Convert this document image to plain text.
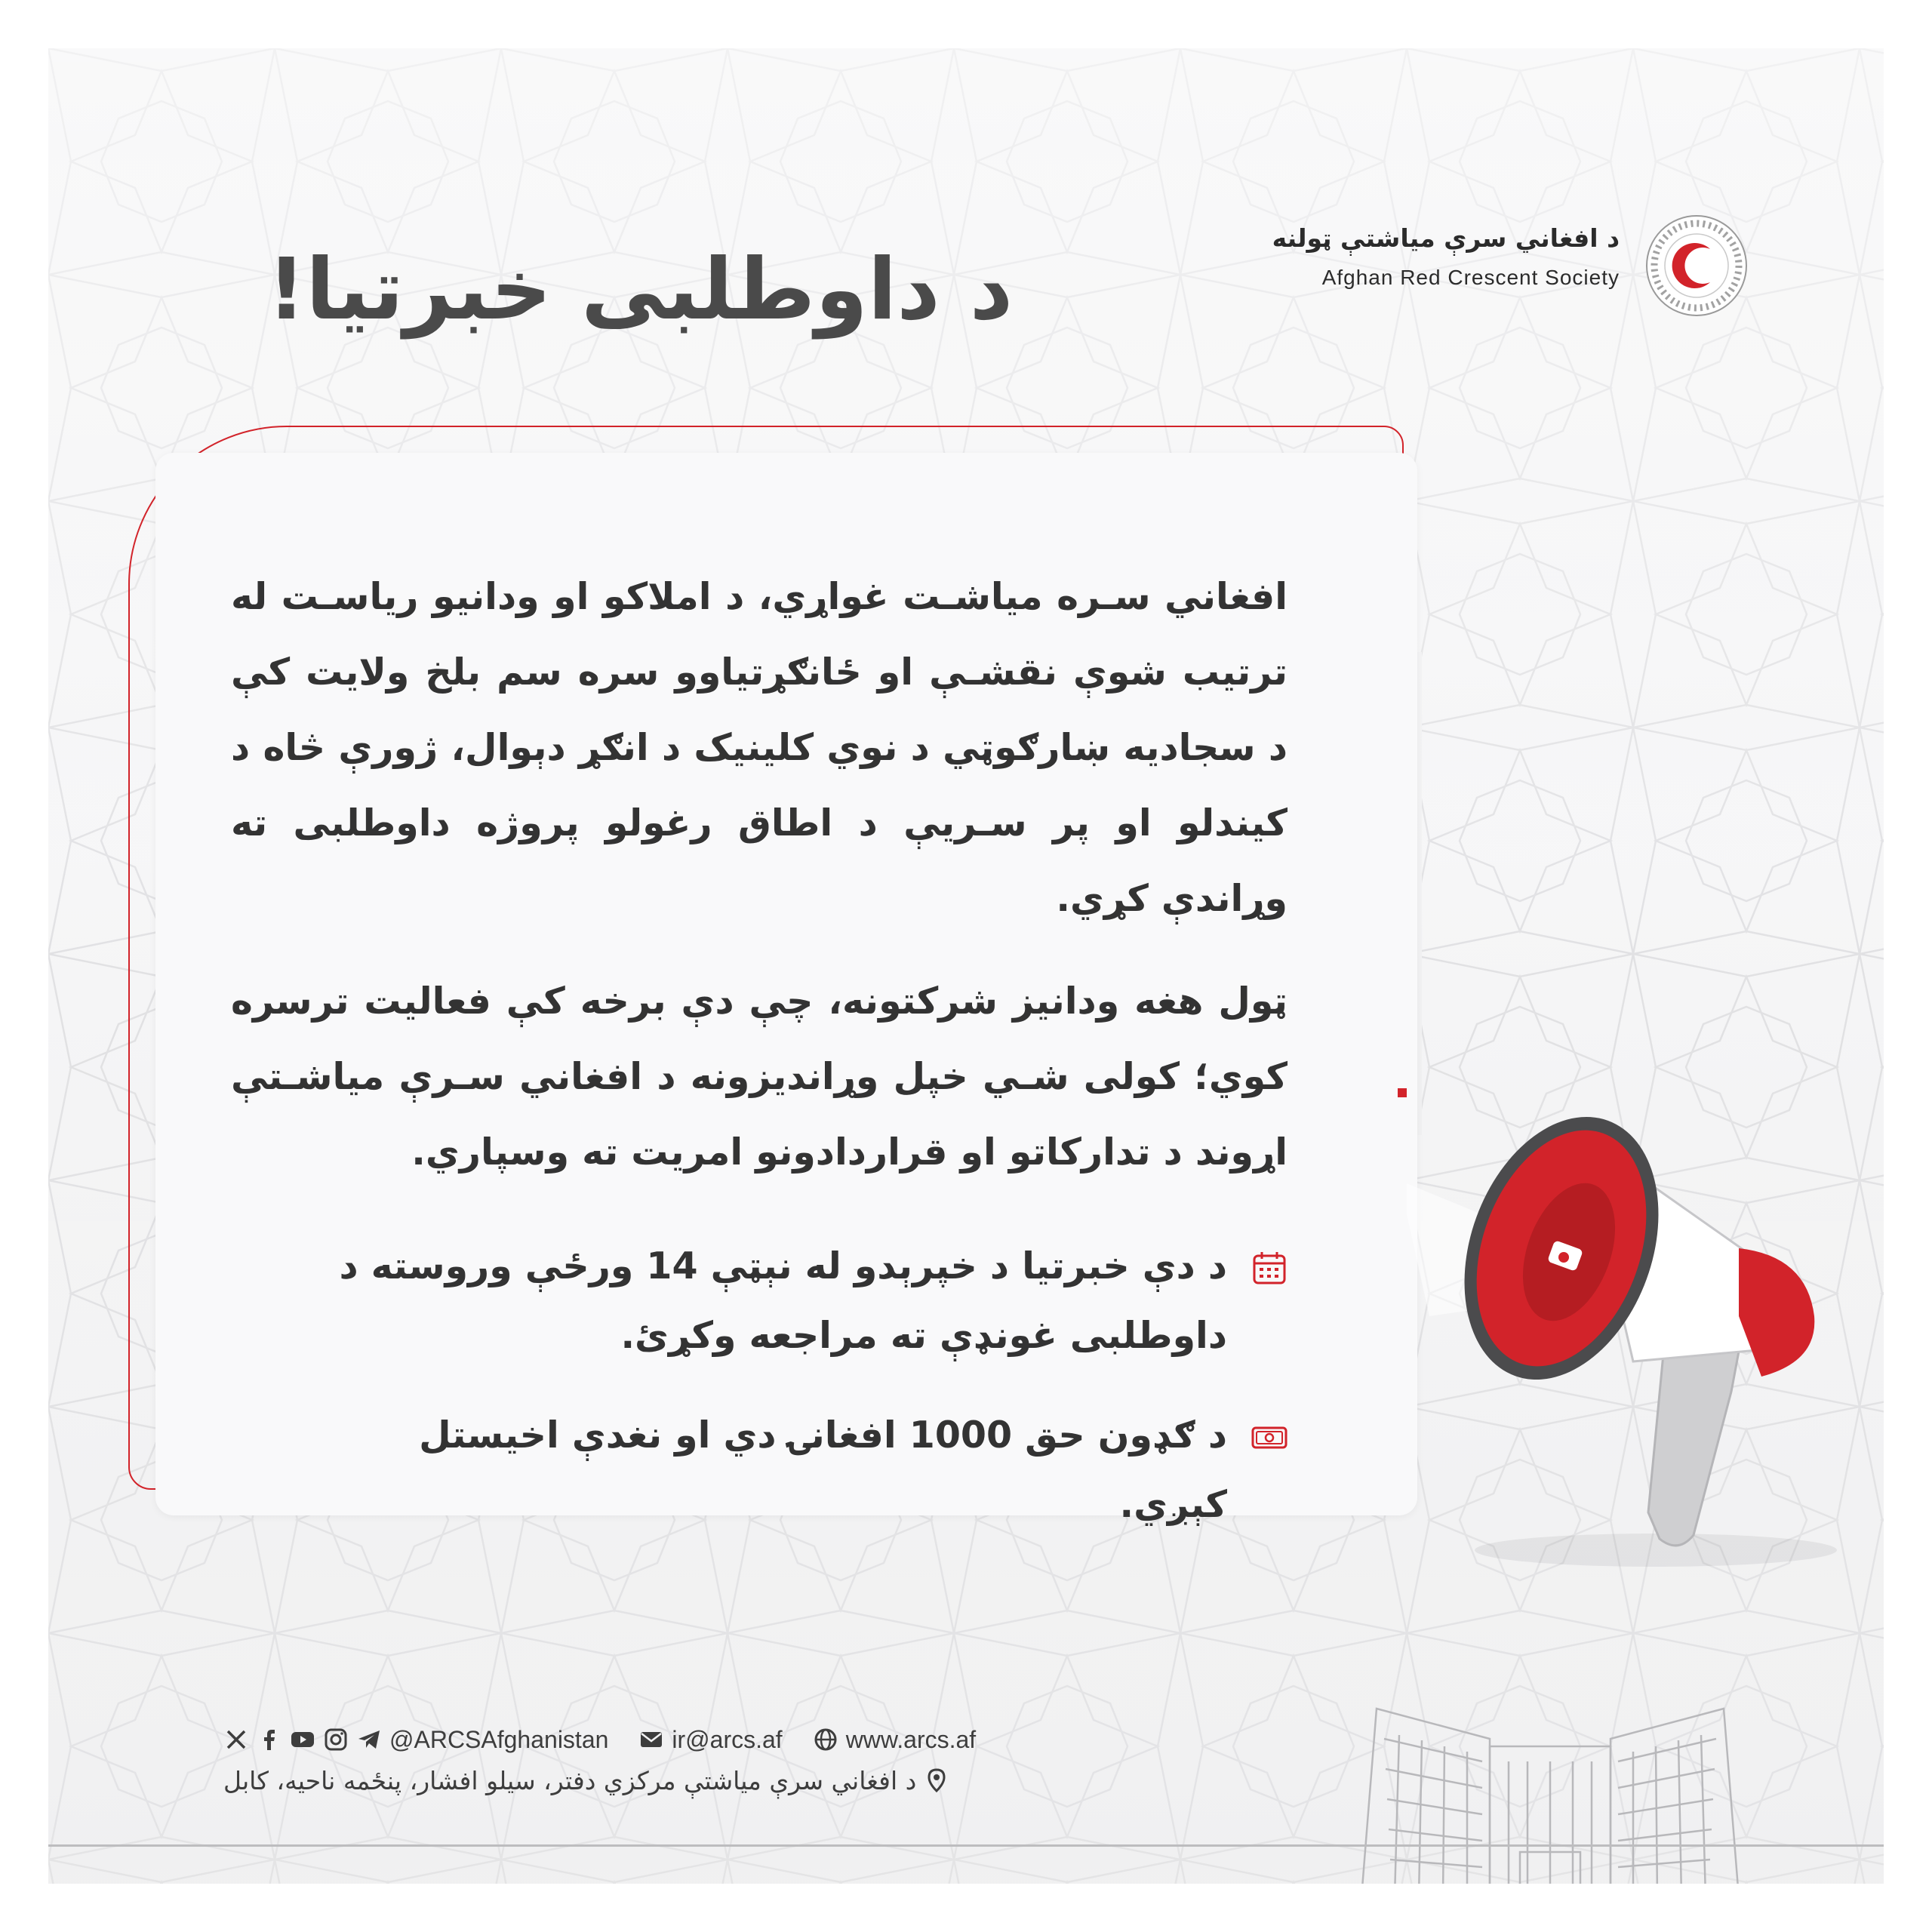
د افغاني سرې میاشتې ټولنه
Afghan Red Crescent Society
د داوطلبی خبرتیا!
افغاني سـره میاشـت غواړي، د املاکو او ودانیو ریاسـت له ترتیب شوې نقشـې او ځانګړتیاوو سره سم بلخ ولایت کې د سجادیه ښارګوټي د نوي کلینیک د انګړ دېوال، ژورې څاه د کیندلو او پر سـریې د اطاق رغولو پروژه داوطلبی ته وړاندې کړي.
ټول هغه ودانیز شرکتونه، چې دې برخه کې فعالیت ترسره کوي؛ کولی شـي خپل وړاندیزونه د افغاني سـرې میاشـتې اړوند د تدارکاتو او قراردادونو امریت ته وسپاري.
د دې خبرتیا د خپرېدو له نېټې 14 ورځې وروسته د داوطلبی غونډې ته مراجعه وکړئ.
د ګډون حق 1000 افغانۍ دي او نغدې اخیستل کېږي.
@ARCSAfghanistan	ir@arcs.af	www.arcs.af
د افغاني سرې میاشتې مرکزي دفتر، سیلو افشار، پنځمه ناحیه، کابل
